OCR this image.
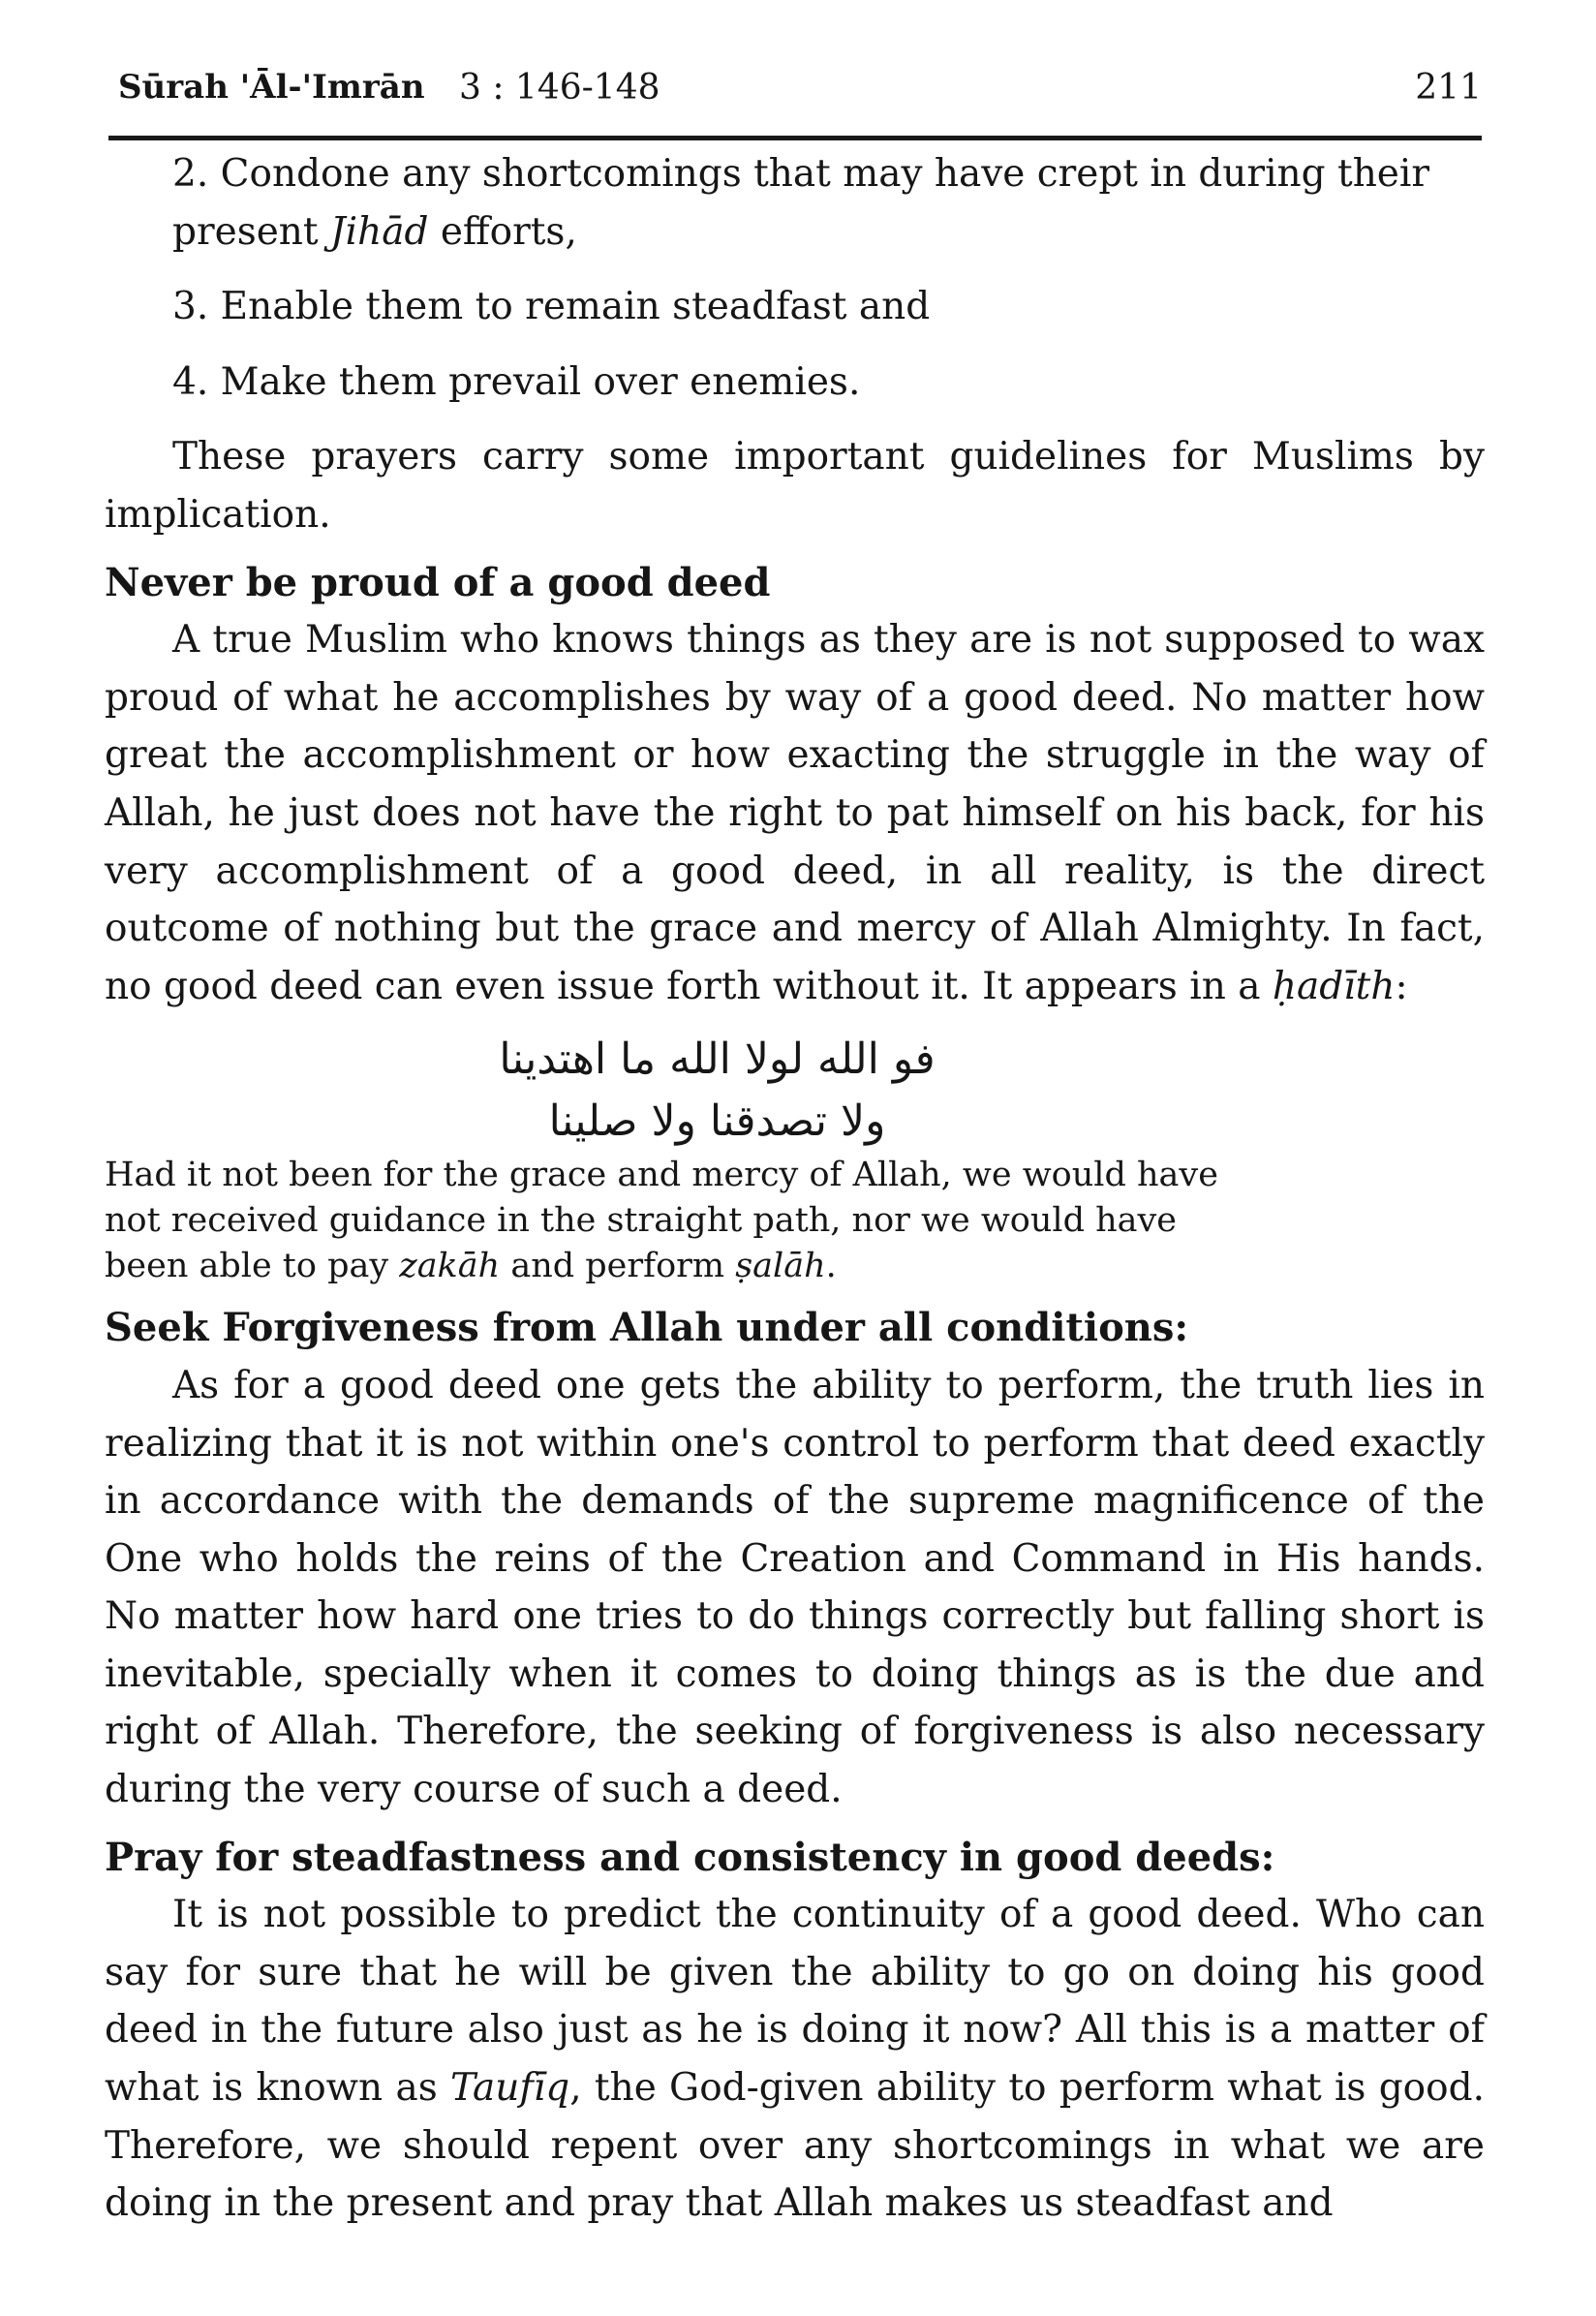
Sūrah 'Āl-'Imrān 3 : 146-148	211

2. Condone any shortcomings that may have crept in during their present Jihād efforts,

3. Enable them to remain steadfast and

4. Make them prevail over enemies.

These prayers carry some important guidelines for Muslims by implication.

Never be proud of a good deed

A true Muslim who knows things as they are is not supposed to wax proud of what he accomplishes by way of a good deed. No matter how great the accomplishment or how exacting the struggle in the way of Allah, he just does not have the right to pat himself on his back, for his very accomplishment of a good deed, in all reality, is the direct outcome of nothing but the grace and mercy of Allah Almighty. In fact, no good deed can even issue forth without it. It appears in a ḥadīth:

فو الله لولا الله ما اهتدينا
ولا تصدقنا ولا صلينا

Had it not been for the grace and mercy of Allah, we would have not received guidance in the straight path, nor we would have been able to pay zakāh and perform ṣalāh.

Seek Forgiveness from Allah under all conditions:

As for a good deed one gets the ability to perform, the truth lies in realizing that it is not within one's control to perform that deed exactly in accordance with the demands of the supreme magnificence of the One who holds the reins of the Creation and Command in His hands. No matter how hard one tries to do things correctly but falling short is inevitable, specially when it comes to doing things as is the due and right of Allah. Therefore, the seeking of forgiveness is also necessary during the very course of such a deed.

Pray for steadfastness and consistency in good deeds:

It is not possible to predict the continuity of a good deed. Who can say for sure that he will be given the ability to go on doing his good deed in the future also just as he is doing it now? All this is a matter of what is known as Taufīq, the God-given ability to perform what is good. Therefore, we should repent over any shortcomings in what we are doing in the present and pray that Allah makes us steadfast and
